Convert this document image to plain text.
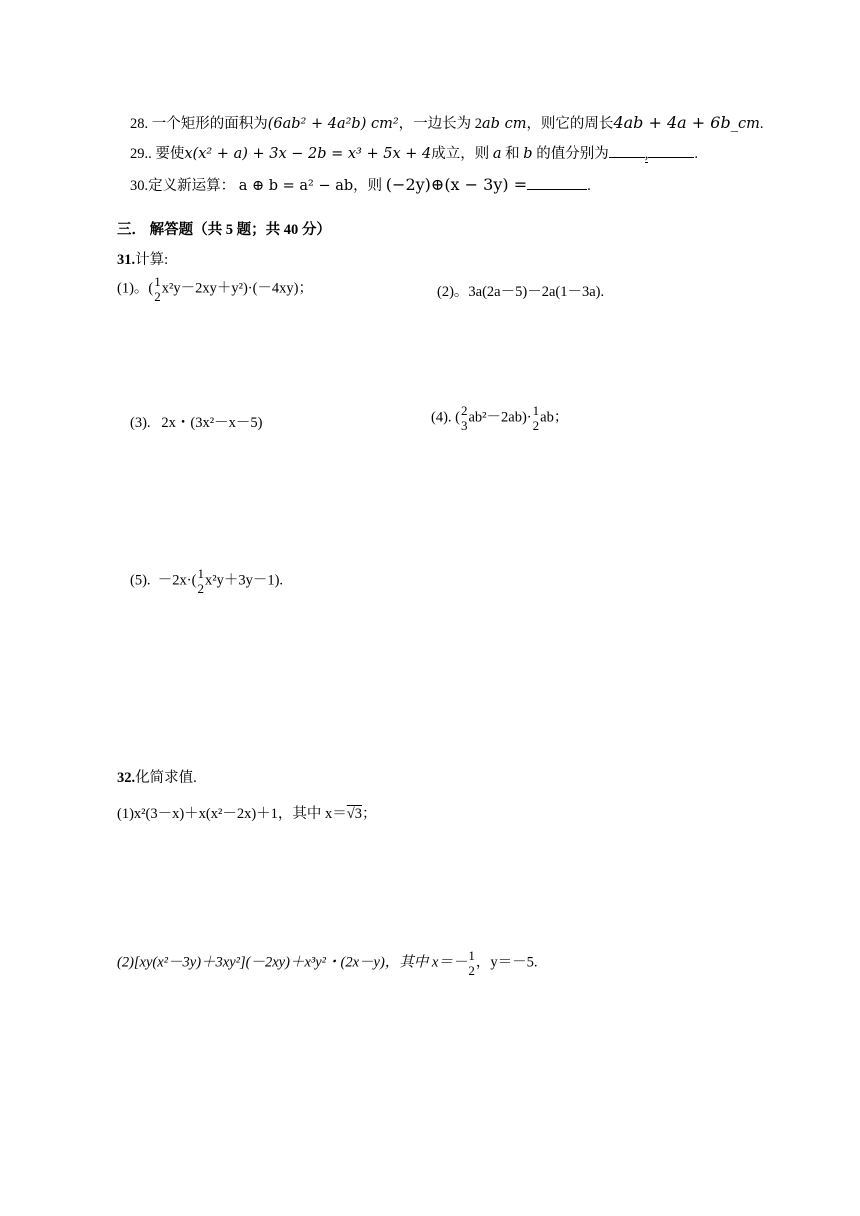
28. 一个矩形的面积为(6ab² + 4a²b) cm²，一边长为 2ab cm，则它的周长4ab + 4a + 6b_cm.
29.. 要使x(x² + a) + 3x − 2b = x³ + 5x + 4成立，则 a 和 b 的值分别为 ,	.
30.定义新运算： a ⊕ b = a² − ab，则 (−2y)⊕(x − 3y) =	.
三． 解答题（共 5 题；共 40 分）
31.计算:
(1)。( 1
2
x²y－2xy＋y²)·(－4xy)；	(2)。3a(2a－5)－2a(1－3a).
(3). 2x・(3x²－x－5)	(4). ( 2
3
ab²－2ab)· 1
2
ab；
(5). －2x·( 1
2
x²y＋3y－1).
32.化简求值.
(1)x²(3－x)＋x(x²－2x)＋1，其中 x＝√3；
(2)[xy(x²－3y)＋3xy²](－2xy)＋x³y²・(2x－y)，其中 x＝－ 1
2
，y＝－5.
